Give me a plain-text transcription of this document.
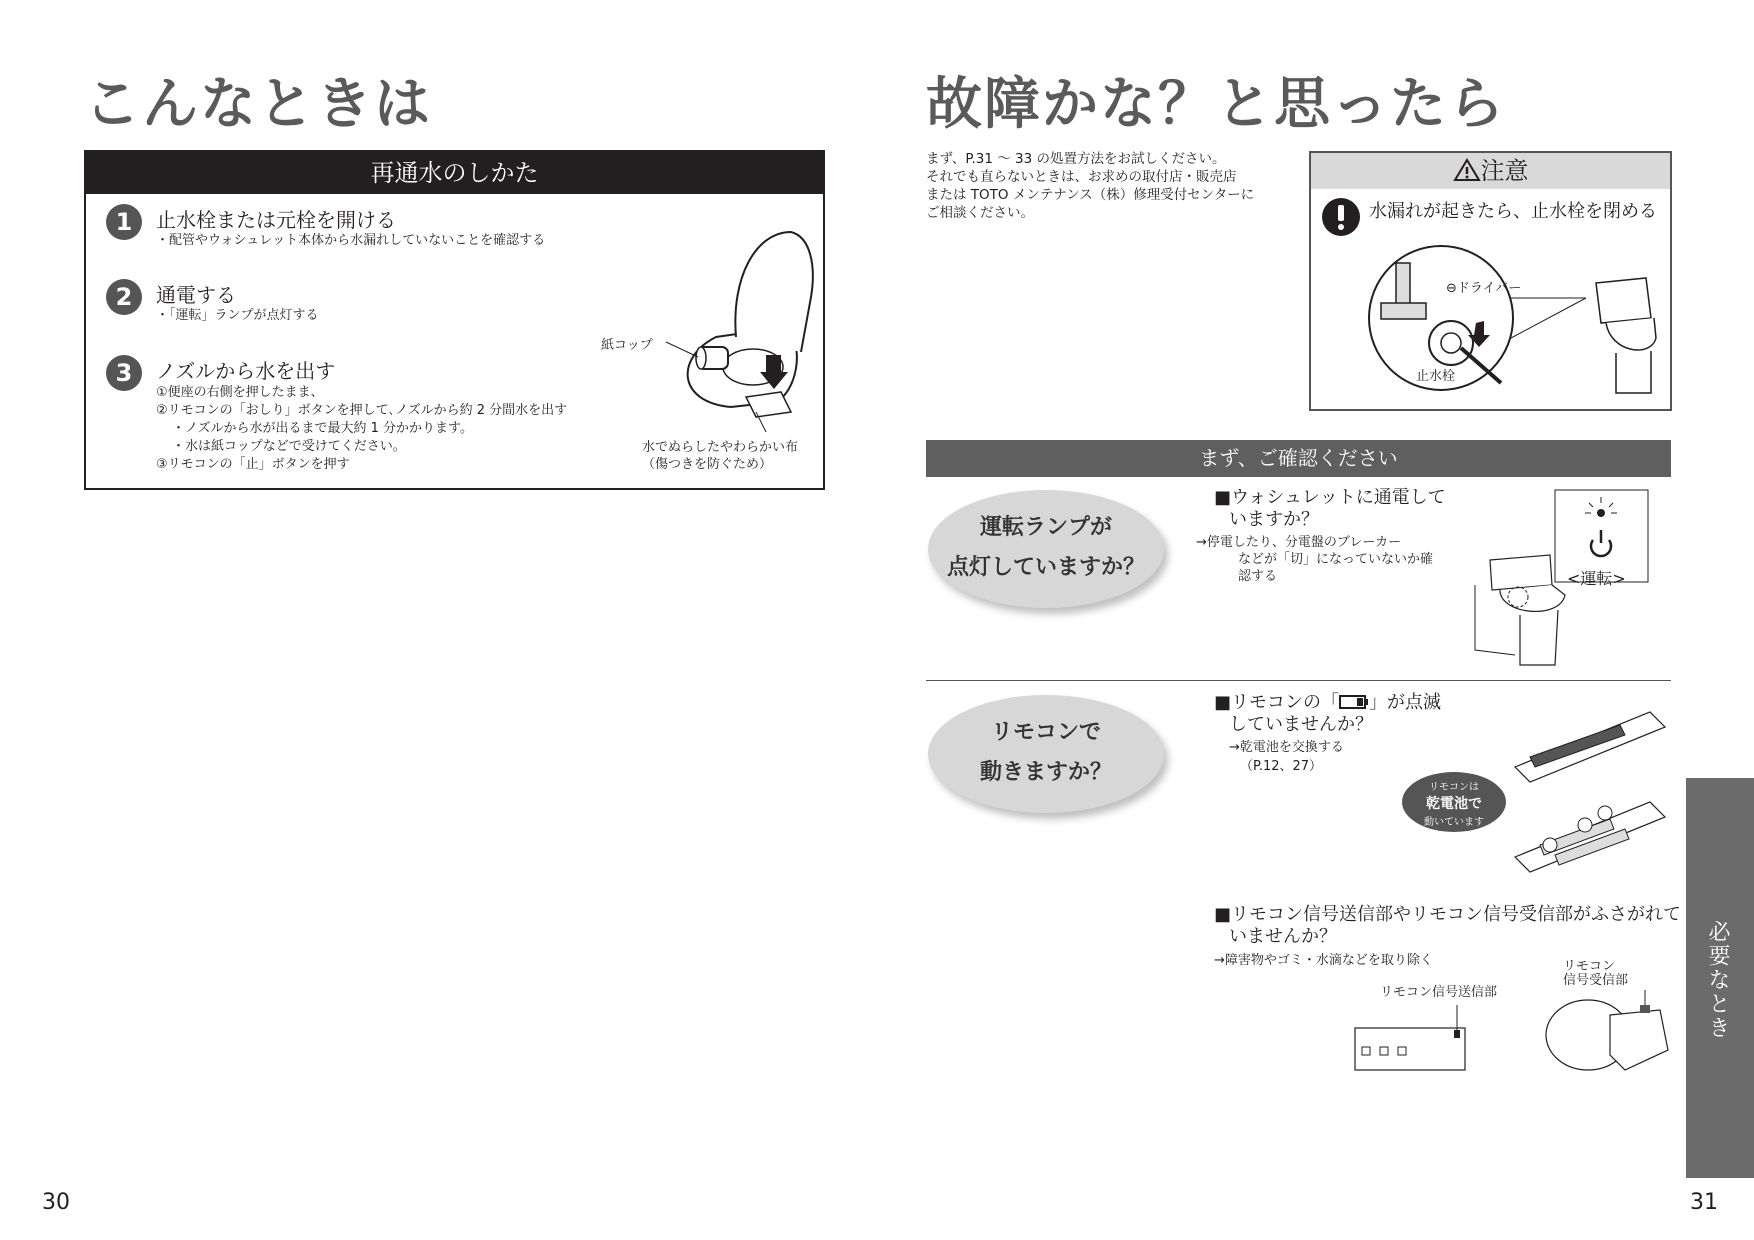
こんなときは
再通水のしかた
1	止水栓または元栓を開ける
・配管やウォシュレット本体から水漏れしていないことを確認する
2	通電する
・「運転」ランプが点灯する
3	ノズルから水を出す
①便座の右側を押したまま、
②リモコンの「おしり」ボタンを押して､ノズルから約 2 分間水を出す
・ノズルから水が出るまで最大約 1 分かかります。
・水は紙コップなどで受けてください。
③リモコンの「止」ボタンを押す
紙コップ
水でぬらしたやわらかい布
（傷つきを防ぐため）
30
故障かな？と思ったら
まず、P.31 ～ 33 の処置方法をお試しください。
それでも直らないときは、お求めの取付店・販売店
または TOTO メンテナンス（株）修理受付センターに
ご相談ください。
注意
水漏れが起きたら、止水栓を閉める
⊖ドライバー
止水栓
まず、ご確認ください
運転ランプが
点灯していますか？
■ウォシュレットに通電して
いますか？
→停電したり、分電盤のブレーカー
などが「切」になっていないか確
認する	<運転>
リモコンで
動きますか？
■リモコンの「 」が点滅
していませんか？
→乾電池を交換する
（P.12、27）
リモコンは
乾電池で
動いています
■リモコン信号送信部やリモコン信号受信部がふさがれて
いませんか？
→障害物やゴミ・水滴などを取り除く
リモコン信号送信部
リモコン
信号受信部	必要なとき
31
